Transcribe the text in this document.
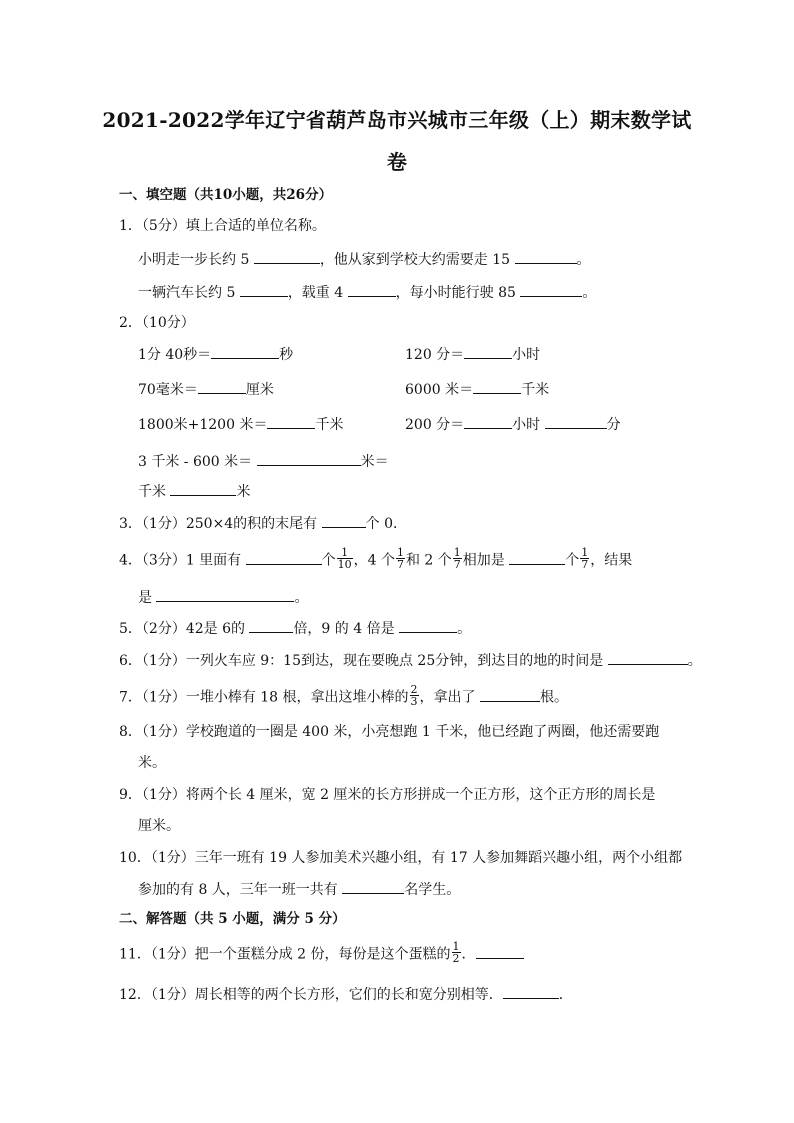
2021-2022学年辽宁省葫芦岛市兴城市三年级（上）期末数学试
卷
一、填空题（共10小题，共26分）
1．（5分）填上合适的单位名称。
小明走一步长约 5	，他从家到学校大约需要走 15	。
一辆汽车长约 5	，载重 4	，每小时能行驶 85	。
2．（10分）
1分 40秒＝	秒	120 分＝	小时
70毫米＝	厘米	6000 米＝	千米
1800米+1200 米＝	千米	200 分＝	小时	分
3 千米 - 600 米＝	米＝
千米	米
3．（1分）250×4的积的末尾有	个 0．
4．（3分）1 里面有	个 $\frac{1}{10}$ ，4 个 $\frac{1}{7}$ 和 2 个 $\frac{1}{7}$ 相加是	个 $\frac{1}{7}$ ，结果
是	。
5．（2分）42是 6的	倍，9 的 4 倍是	。
6．（1分）一列火车应 9：15到达，现在要晚点 25分钟，到达目的地的时间是	。
7．（1分）一堆小棒有 18 根，拿出这堆小棒的 $\frac{2}{3}$ ，拿出了	根。
8．（1分）学校跑道的一圈是 400 米，小亮想跑 1 千米，他已经跑了两圈，他还需要跑
米。
9．（1分）将两个长 4 厘米，宽 2 厘米的长方形拼成一个正方形，这个正方形的周长是
厘米。
10．（1分）三年一班有 19 人参加美术兴趣小组，有 17 人参加舞蹈兴趣小组，两个小组都
参加的有 8 人，三年一班一共有	名学生。
二、解答题（共 5 小题，满分 5 分）
11．（1分）把一个蛋糕分成 2 份，每份是这个蛋糕的 $\frac{1}{2}$ ．
12．（1分）周长相等的两个长方形，它们的长和宽分别相等．	．
